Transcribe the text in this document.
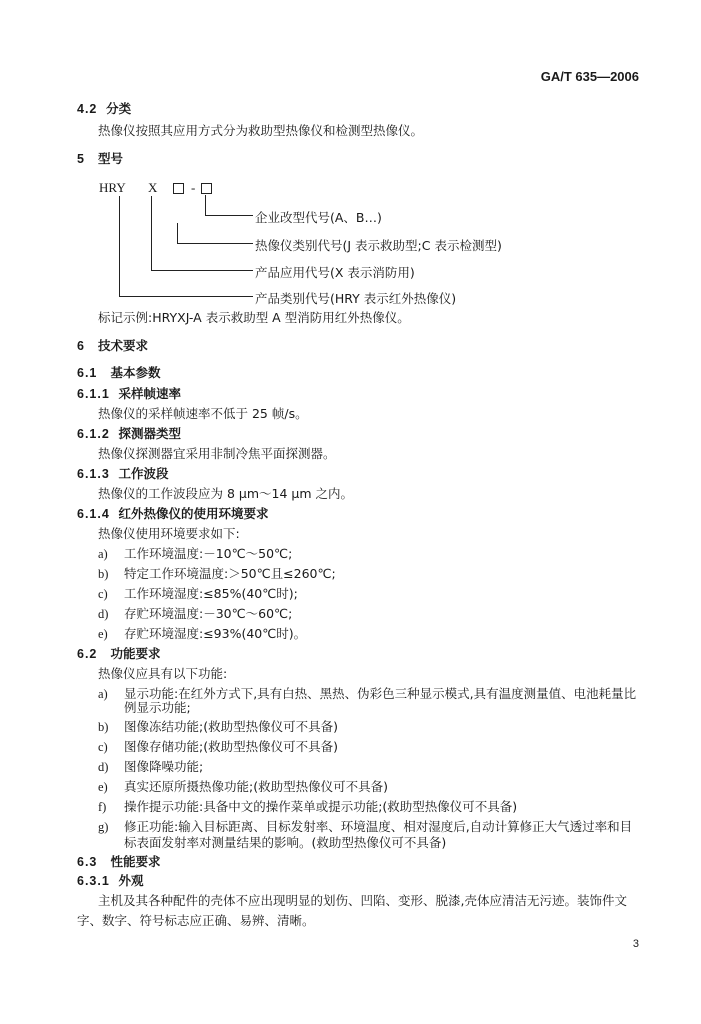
GA/T 635—2006
4.2 分类
热像仪按照其应用方式分为救助型热像仪和检测型热像仪。
5 型号
HRY X	-
企业改型代号(A、B…)
热像仪类别代号(J 表示救助型;C 表示检测型)
产品应用代号(X 表示消防用)
产品类别代号(HRY 表示红外热像仪)
标记示例:HRYXJ-A 表示救助型 A 型消防用红外热像仪。
6 技术要求
6.1 基本参数
6.1.1 采样帧速率
热像仪的采样帧速率不低于 25 帧/s。
6.1.2 探测器类型
热像仪探测器宜采用非制冷焦平面探测器。
6.1.3 工作波段
热像仪的工作波段应为 8 μm～14 μm 之内。
6.1.4 红外热像仪的使用环境要求
热像仪使用环境要求如下:
a) 工作环境温度:－10℃～50℃;
b) 特定工作环境温度:＞50℃且≤260℃;
c) 工作环境湿度:≤85%(40℃时);
d) 存贮环境温度:－30℃～60℃;
e) 存贮环境湿度:≤93%(40℃时)。
6.2 功能要求
热像仪应具有以下功能:
a) 显示功能:在红外方式下,具有白热、黑热、伪彩色三种显示模式,具有温度测量值、电池耗量比
例显示功能;
b) 图像冻结功能;(救助型热像仪可不具备)
c) 图像存储功能;(救助型热像仪可不具备)
d) 图像降噪功能;
e) 真实还原所摄热像功能;(救助型热像仪可不具备)
f) 操作提示功能:具备中文的操作菜单或提示功能;(救助型热像仪可不具备)
g) 修正功能:输入目标距离、目标发射率、环境温度、相对湿度后,自动计算修正大气透过率和目
标表面发射率对测量结果的影响。(救助型热像仪可不具备)
6.3 性能要求
6.3.1 外观
主机及其各种配件的壳体不应出现明显的划伤、凹陷、变形、脱漆,壳体应清洁无污迹。装饰件文
字、数字、符号标志应正确、易辨、清晰。
3
